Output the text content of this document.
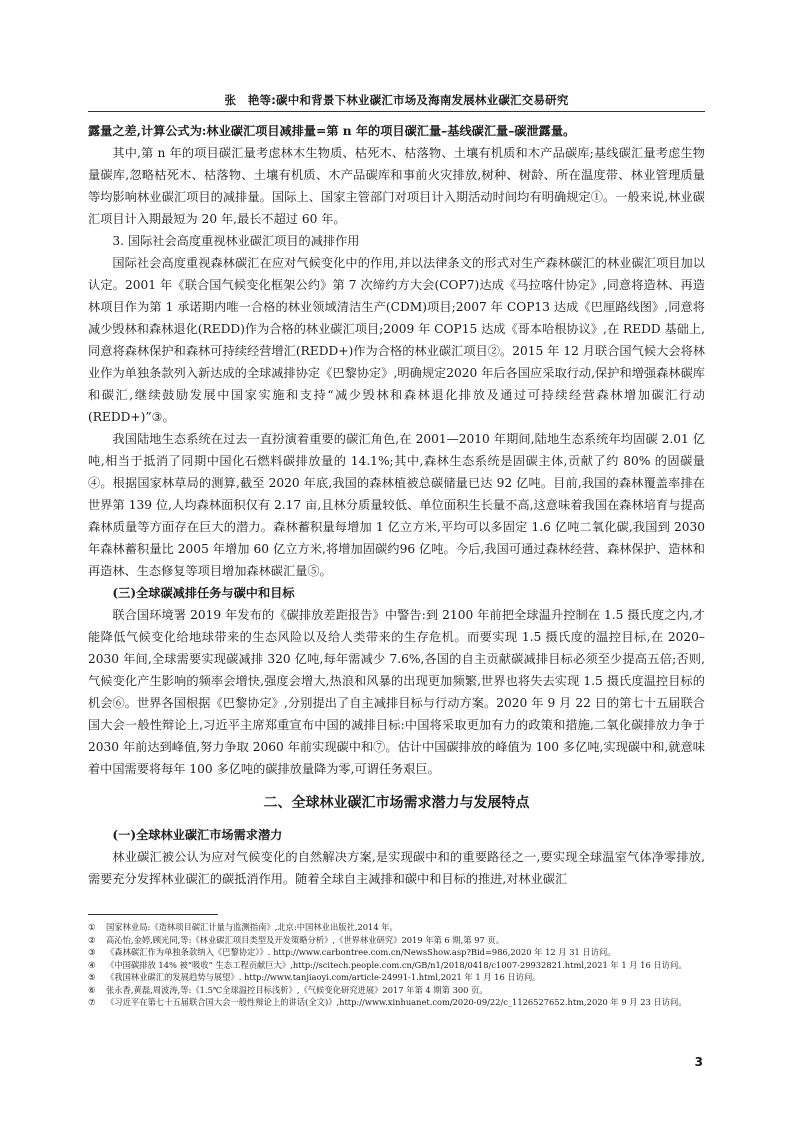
张　艳等:碳中和背景下林业碳汇市场及海南发展林业碳汇交易研究

露量之差,计算公式为:林业碳汇项目减排量=第 n 年的项目碳汇量–基线碳汇量–碳泄露量。

其中,第 n 年的项目碳汇量考虑林木生物质、枯死木、枯落物、土壤有机质和木产品碳库;基线碳汇量考虑生物量碳库,忽略枯死木、枯落物、土壤有机质、木产品碳库和事前火灾排放,树种、树龄、所在温度带、林业管理质量等均影响林业碳汇项目的减排量。国际上、国家主管部门对项目计入期活动时间均有明确规定①。一般来说,林业碳汇项目计入期最短为 20 年,最长不超过 60 年。

3. 国际社会高度重视林业碳汇项目的减排作用

国际社会高度重视森林碳汇在应对气候变化中的作用,并以法律条文的形式对生产森林碳汇的林业碳汇项目加以认定。2001 年《联合国气候变化框架公约》第 7 次缔约方大会(COP7)达成《马拉喀什协定》,同意将造林、再造林项目作为第 1 承诺期内唯一合格的林业领域清洁生产(CDM)项目;2007 年 COP13 达成《巴厘路线图》,同意将减少毁林和森林退化(REDD)作为合格的林业碳汇项目;2009 年 COP15 达成《哥本哈根协议》,在 REDD 基础上,同意将森林保护和森林可持续经营增汇(REDD+)作为合格的林业碳汇项目②。2015 年 12 月联合国气候大会将林业作为单独条款列入新达成的全球减排协定《巴黎协定》,明确规定2020 年后各国应采取行动,保护和增强森林碳库和碳汇,继续鼓励发展中国家实施和支持“减少毁林和森林退化排放及通过可持续经营森林增加碳汇行动(REDD+)”③。

我国陆地生态系统在过去一直扮演着重要的碳汇角色,在 2001—2010 年期间,陆地生态系统年均固碳 2.01 亿吨,相当于抵消了同期中国化石燃料碳排放量的 14.1%;其中,森林生态系统是固碳主体,贡献了约 80% 的固碳量④。根据国家林草局的测算,截至 2020 年底,我国的森林植被总碳储量已达 92 亿吨。目前,我国的森林覆盖率排在世界第 139 位,人均森林面积仅有 2.17 亩,且林分质量较低、单位面积生长量不高,这意味着我国在森林培育与提高森林质量等方面存在巨大的潜力。森林蓄积量每增加 1 亿立方米,平均可以多固定 1.6 亿吨二氧化碳,我国到 2030 年森林蓄积量比 2005 年增加 60 亿立方米,将增加固碳约96 亿吨。今后,我国可通过森林经营、森林保护、造林和再造林、生态修复等项目增加森林碳汇量⑤。

(三)全球碳减排任务与碳中和目标

联合国环境署 2019 年发布的《碳排放差距报告》中警告:到 2100 年前把全球温升控制在 1.5 摄氏度之内,才能降低气候变化给地球带来的生态风险以及给人类带来的生存危机。而要实现 1.5 摄氏度的温控目标,在 2020–2030 年间,全球需要实现碳减排 320 亿吨,每年需减少 7.6%,各国的自主贡献碳减排目标必须至少提高五倍;否则,气候变化产生影响的频率会增快,强度会增大,热浪和风暴的出现更加频繁,世界也将失去实现 1.5 摄氏度温控目标的机会⑥。世界各国根据《巴黎协定》,分别提出了自主减排目标与行动方案。2020 年 9 月 22 日的第七十五届联合国大会一般性辩论上,习近平主席郑重宣布中国的减排目标:中国将采取更加有力的政策和措施,二氧化碳排放力争于 2030 年前达到峰值,努力争取 2060 年前实现碳中和⑦。估计中国碳排放的峰值为 100 多亿吨,实现碳中和,就意味着中国需要将每年 100 多亿吨的碳排放量降为零,可谓任务艰巨。

二、全球林业碳汇市场需求潜力与发展特点

(一)全球林业碳汇市场需求潜力

林业碳汇被公认为应对气候变化的自然解决方案,是实现碳中和的重要路径之一,要实现全球温室气体净零排放,需要充分发挥林业碳汇的碳抵消作用。随着全球自主减排和碳中和目标的推进,对林业碳汇

①	国家林业局:《造林项目碳汇计量与监测指南》,北京:中国林业出版社,2014 年。
②	高沁怡,金婷,顾光同,等:《林业碳汇项目类型及开发策略分析》,《世界林业研究》2019 年第 6 期,第 97 页。
③	《森林碳汇作为单独条款纳入《巴黎协定》》. http://www.carbontree.com.cn/NewsShow.asp?Bid=986,2020 年 12 月 31 日访问。
④	《中国碳排放 14% 被“吸收” 生态工程贡献巨大》,http://scitech.people.com.cn/GB/n1/2018/0418/c1007-29932821.html,2021 年 1 月 16 日访问。
⑤	《我国林业碳汇的发展趋势与展望》. http://www.tanjiaoyi.com/article-24991-1.html,2021 年 1 月 16 日访问。
⑥	张永香,黄磊,周波涛,等:《1.5℃全球温控目标浅析》,《气候变化研究进展》2017 年第 4 期第 300 页。
⑦	《习近平在第七十五届联合国大会一般性辩论上的讲话(全文)》,http://www.xinhuanet.com/2020-09/22/c_1126527652.htm,2020 年 9 月 23 日访问。
3
